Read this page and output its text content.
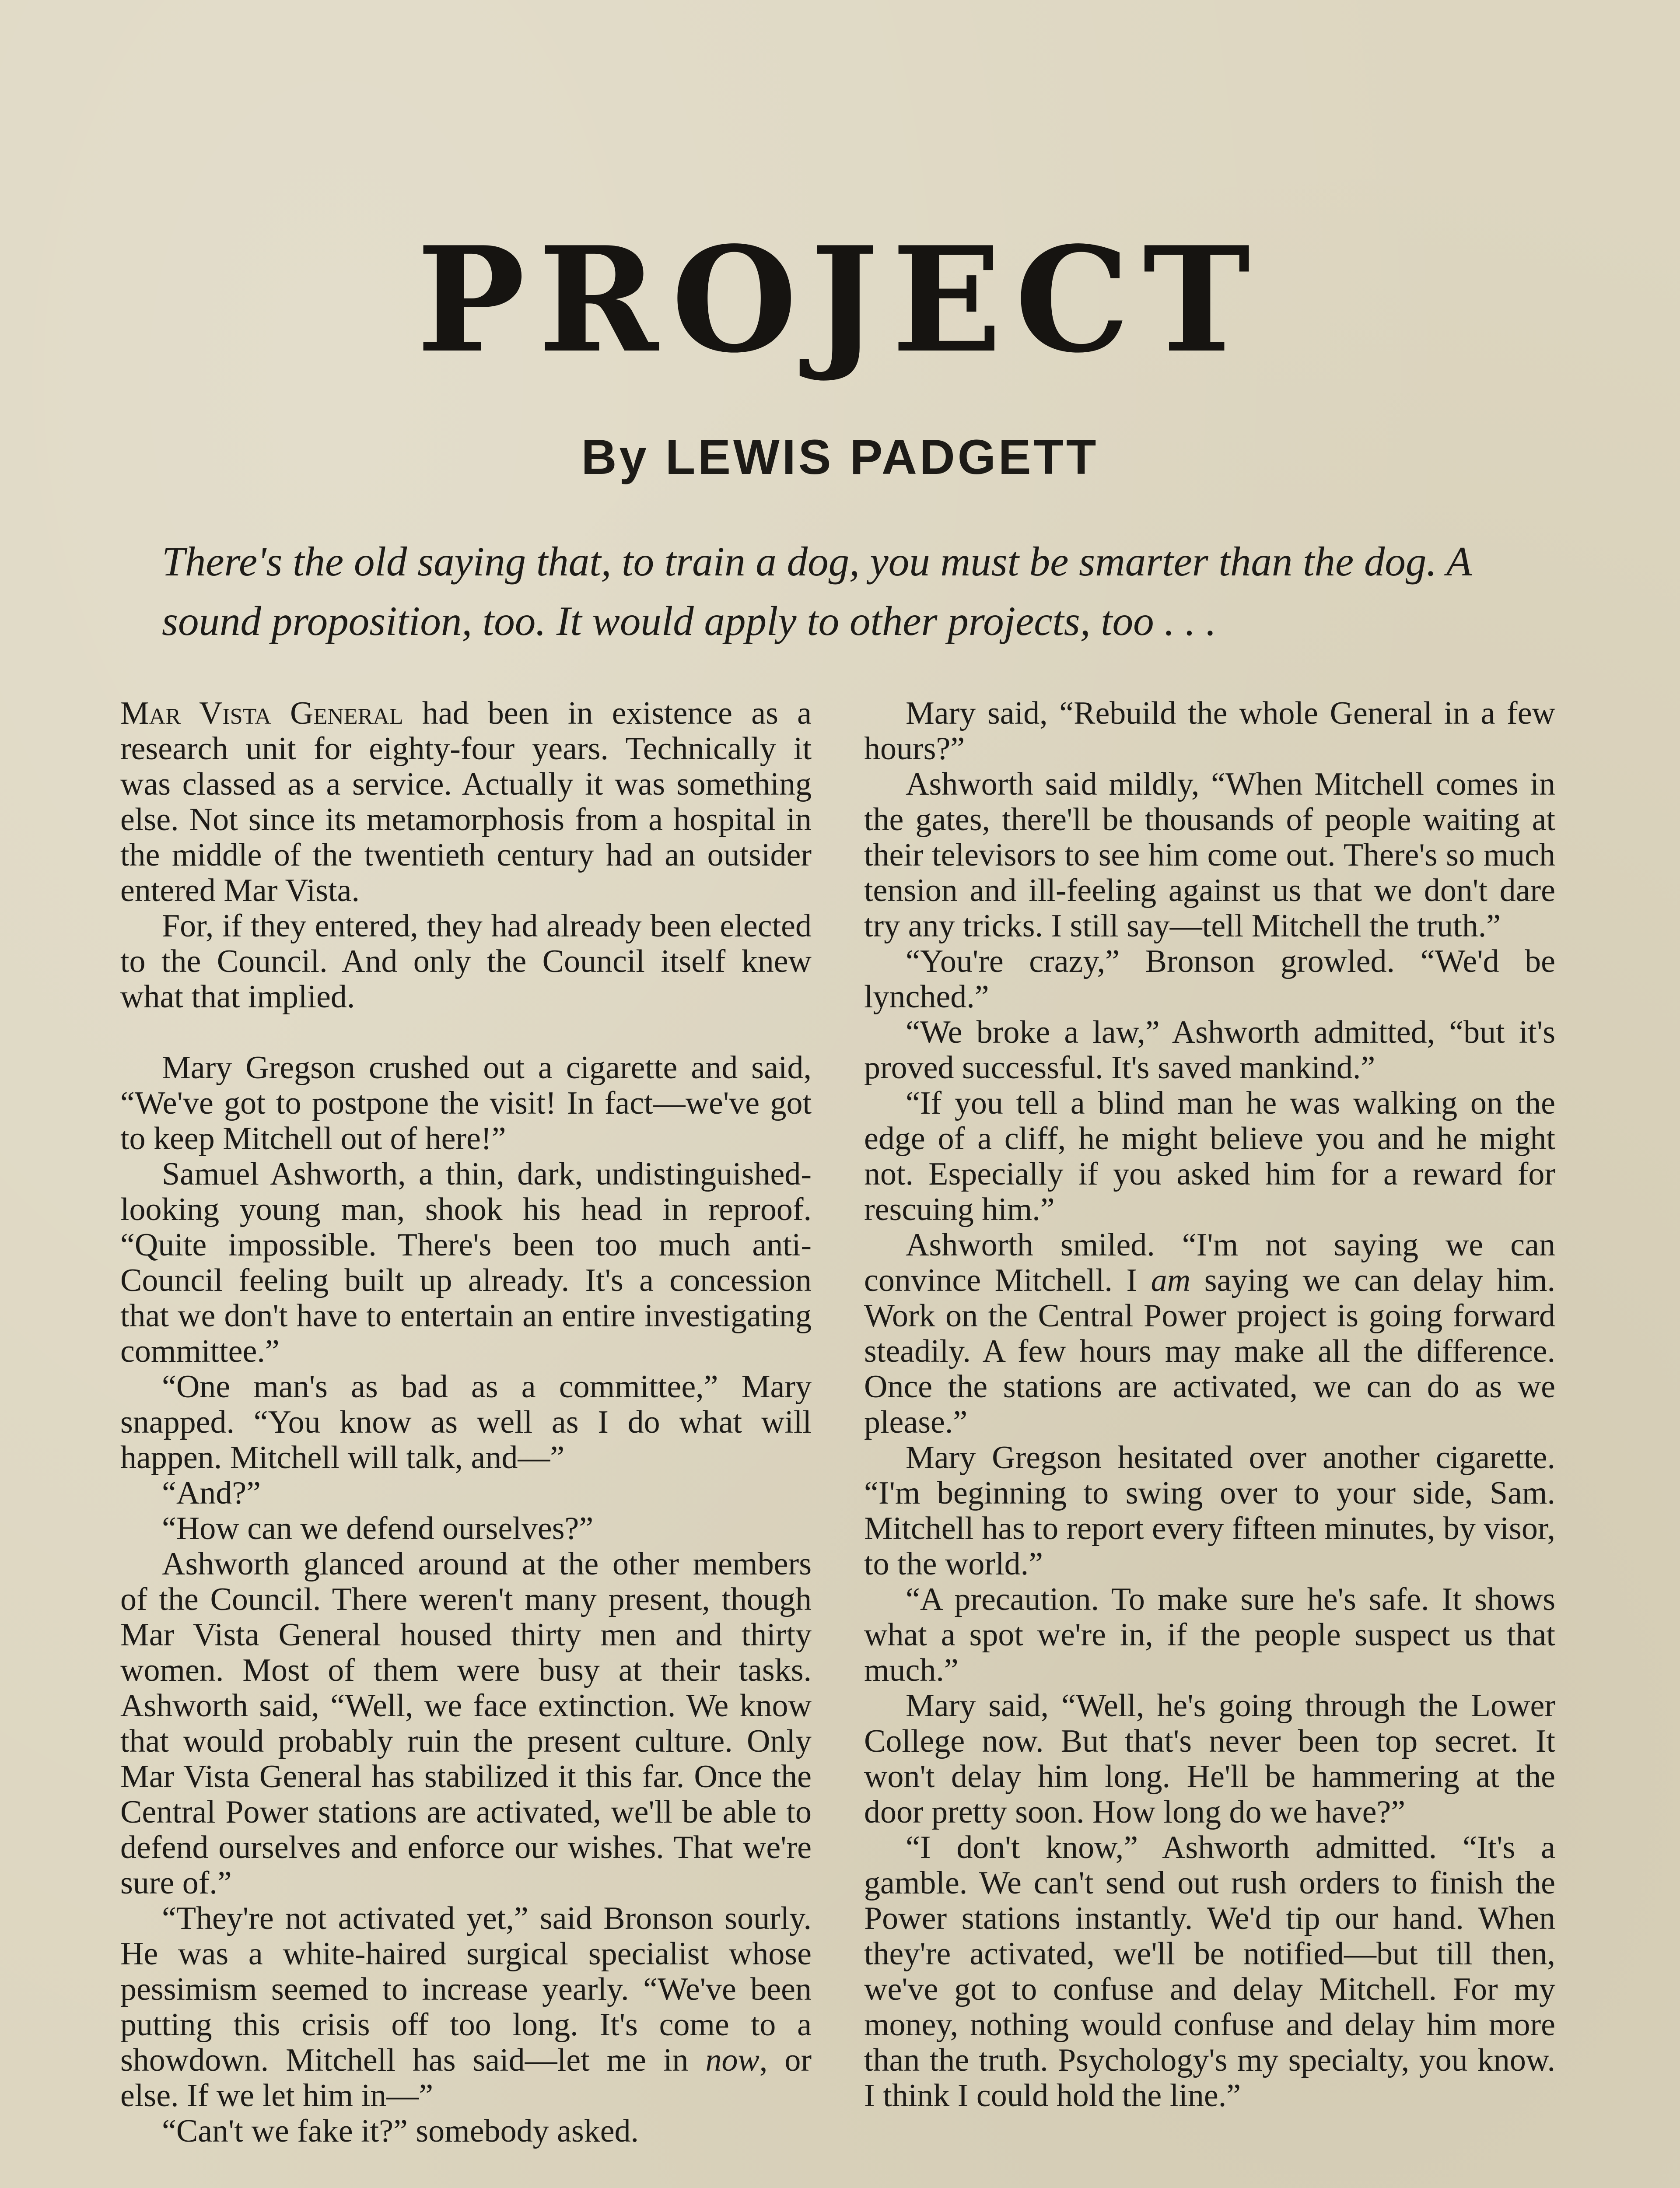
PROJECT
By LEWIS PADGETT

There's the old saying that, to train a dog, you must be smarter than the dog. A sound proposition, too. It would apply to other projects, too . . .

Mar Vista General had been in existence as a research unit for eighty-four years. Technically it was classed as a service. Actually it was something else. Not since its metamorphosis from a hospital in the middle of the twentieth century had an outsider entered Mar Vista.

For, if they entered, they had already been elected to the Council. And only the Council itself knew what that implied.

Mary Gregson crushed out a cigarette and said, “We've got to postpone the visit! In fact—we've got to keep Mitchell out of here!”

Samuel Ashworth, a thin, dark, undistinguished-looking young man, shook his head in reproof. “Quite impossible. There's been too much anti-Council feeling built up already. It's a concession that we don't have to entertain an entire investigating committee.”

“One man's as bad as a committee,” Mary snapped. “You know as well as I do what will happen. Mitchell will talk, and—”

“And?”

“How can we defend ourselves?”

Ashworth glanced around at the other members of the Council. There weren't many present, though Mar Vista General housed thirty men and thirty women. Most of them were busy at their tasks. Ashworth said, “Well, we face extinction. We know that would probably ruin the present culture. Only Mar Vista General has stabilized it this far. Once the Central Power stations are activated, we'll be able to defend ourselves and enforce our wishes. That we're sure of.”

“They're not activated yet,” said Bronson sourly. He was a white-haired surgical specialist whose pessimism seemed to increase yearly. “We've been putting this crisis off too long. It's come to a showdown. Mitchell has said—let me in now, or else. If we let him in—”

“Can't we fake it?” somebody asked.

Mary said, “Rebuild the whole General in a few hours?”

Ashworth said mildly, “When Mitchell comes in the gates, there'll be thousands of people waiting at their televisors to see him come out. There's so much tension and ill-feeling against us that we don't dare try any tricks. I still say—tell Mitchell the truth.”

“You're crazy,” Bronson growled. “We'd be lynched.”

“We broke a law,” Ashworth admitted, “but it's proved successful. It's saved mankind.”

“If you tell a blind man he was walking on the edge of a cliff, he might believe you and he might not. Especially if you asked him for a reward for rescuing him.”

Ashworth smiled. “I'm not saying we can convince Mitchell. I am saying we can delay him. Work on the Central Power project is going forward steadily. A few hours may make all the difference. Once the stations are activated, we can do as we please.”

Mary Gregson hesitated over another cigarette. “I'm beginning to swing over to your side, Sam. Mitchell has to report every fifteen minutes, by visor, to the world.”

“A precaution. To make sure he's safe. It shows what a spot we're in, if the people suspect us that much.”

Mary said, “Well, he's going through the Lower College now. But that's never been top secret. It won't delay him long. He'll be hammering at the door pretty soon. How long do we have?”

“I don't know,” Ashworth admitted. “It's a gamble. We can't send out rush orders to finish the Power stations instantly. We'd tip our hand. When they're activated, we'll be notified—but till then, we've got to confuse and delay Mitchell. For my money, nothing would confuse and delay him more than the truth. Psychology's my specialty, you know. I think I could hold the line.”
